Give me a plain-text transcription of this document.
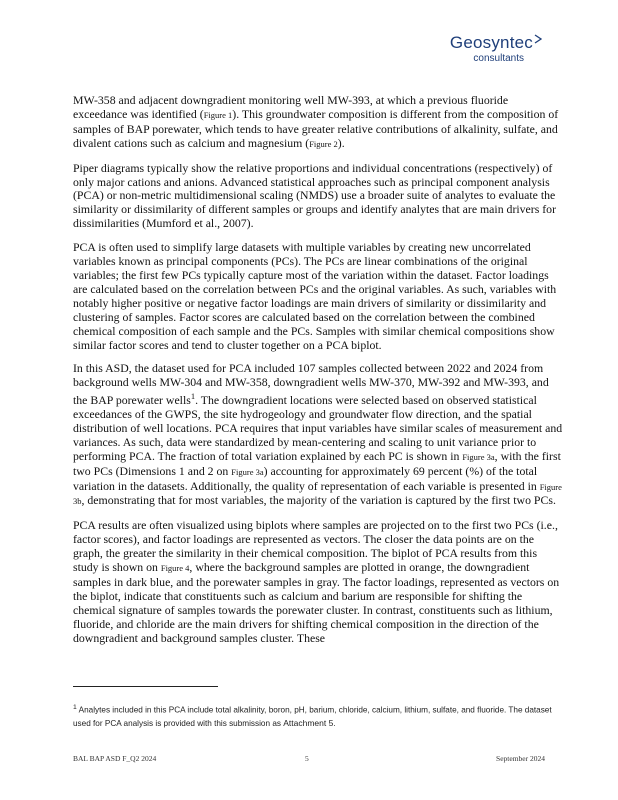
Geosyntec
consultants

MW-358 and adjacent downgradient monitoring well MW-393, at which a previous fluoride exceedance was identified (Figure 1). This groundwater composition is different from the composition of samples of BAP porewater, which tends to have greater relative contributions of alkalinity, sulfate, and divalent cations such as calcium and magnesium (Figure 2).

Piper diagrams typically show the relative proportions and individual concentrations (respectively) of only major cations and anions. Advanced statistical approaches such as principal component analysis (PCA) or non-metric multidimensional scaling (NMDS) use a broader suite of analytes to evaluate the similarity or dissimilarity of different samples or groups and identify analytes that are main drivers for dissimilarities (Mumford et al., 2007).

PCA is often used to simplify large datasets with multiple variables by creating new uncorrelated variables known as principal components (PCs). The PCs are linear combinations of the original variables; the first few PCs typically capture most of the variation within the dataset. Factor loadings are calculated based on the correlation between PCs and the original variables. As such, variables with notably higher positive or negative factor loadings are main drivers of similarity or dissimilarity and clustering of samples. Factor scores are calculated based on the correlation between the combined chemical composition of each sample and the PCs. Samples with similar chemical compositions show similar factor scores and tend to cluster together on a PCA biplot.

In this ASD, the dataset used for PCA included 107 samples collected between 2022 and 2024 from background wells MW-304 and MW-358, downgradient wells MW-370, MW-392 and MW-393, and the BAP porewater wells$^1$. The downgradient locations were selected based on observed statistical exceedances of the GWPS, the site hydrogeology and groundwater flow direction, and the spatial distribution of well locations. PCA requires that input variables have similar scales of measurement and variances. As such, data were standardized by mean-centering and scaling to unit variance prior to performing PCA. The fraction of total variation explained by each PC is shown in Figure 3a, with the first two PCs (Dimensions 1 and 2 on Figure 3a) accounting for approximately 69 percent (%) of the total variation in the datasets. Additionally, the quality of representation of each variable is presented in Figure 3b, demonstrating that for most variables, the majority of the variation is captured by the first two PCs.

PCA results are often visualized using biplots where samples are projected on to the first two PCs (i.e., factor scores), and factor loadings are represented as vectors. The closer the data points are on the graph, the greater the similarity in their chemical composition. The biplot of PCA results from this study is shown on Figure 4, where the background samples are plotted in orange, the downgradient samples in dark blue, and the porewater samples in gray. The factor loadings, represented as vectors on the biplot, indicate that constituents such as calcium and barium are responsible for shifting the chemical signature of samples towards the porewater cluster. In contrast, constituents such as lithium, fluoride, and chloride are the main drivers for shifting chemical composition in the direction of the downgradient and background samples cluster. These

$^1$ Analytes included in this PCA include total alkalinity, boron, pH, barium, chloride, calcium, lithium, sulfate, and fluoride. The dataset used for PCA analysis is provided with this submission as Attachment 5.
BAL BAP ASD F_Q2 2024	5	September 2024
